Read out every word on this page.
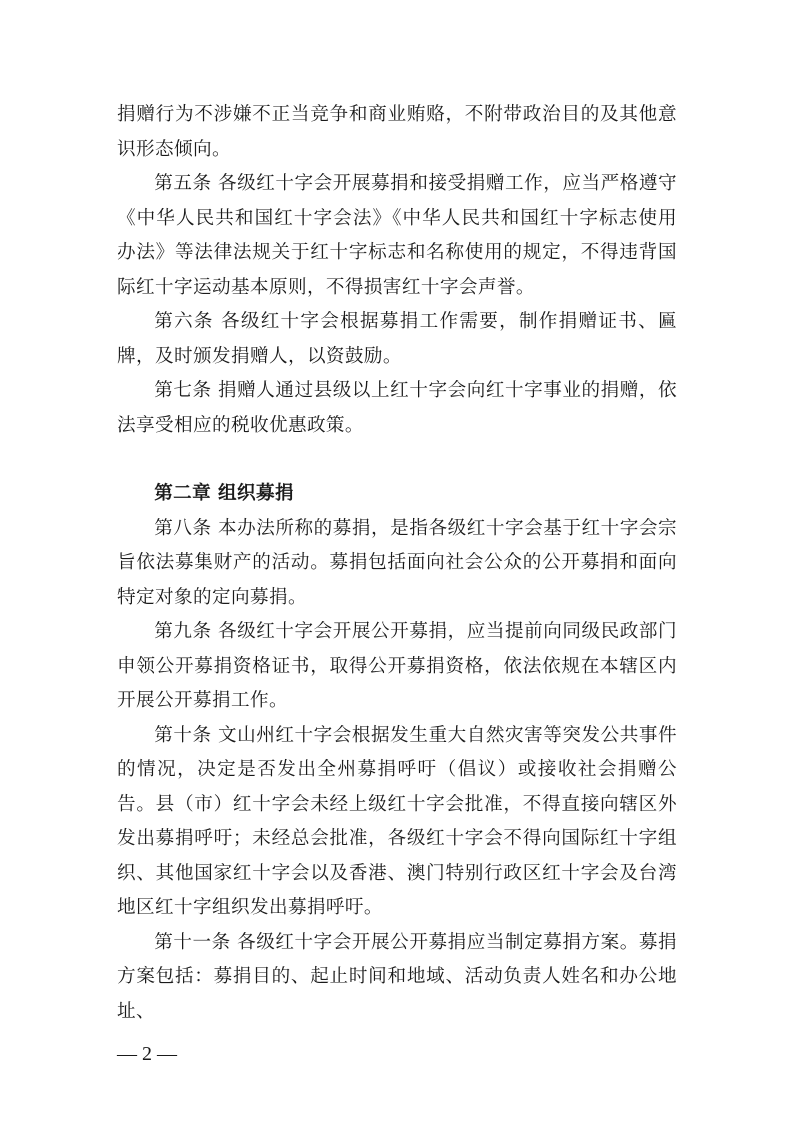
捐赠行为不涉嫌不正当竞争和商业贿赂，不附带政治目的及其他意识形态倾向。

第五条 各级红十字会开展募捐和接受捐赠工作，应当严格遵守《中华人民共和国红十字会法》《中华人民共和国红十字标志使用办法》等法律法规关于红十字标志和名称使用的规定，不得违背国际红十字运动基本原则，不得损害红十字会声誉。

第六条 各级红十字会根据募捐工作需要，制作捐赠证书、匾牌，及时颁发捐赠人，以资鼓励。

第七条 捐赠人通过县级以上红十字会向红十字事业的捐赠，依法享受相应的税收优惠政策。

第二章 组织募捐

第八条 本办法所称的募捐，是指各级红十字会基于红十字会宗旨依法募集财产的活动。募捐包括面向社会公众的公开募捐和面向特定对象的定向募捐。

第九条 各级红十字会开展公开募捐，应当提前向同级民政部门申领公开募捐资格证书，取得公开募捐资格，依法依规在本辖区内开展公开募捐工作。

第十条 文山州红十字会根据发生重大自然灾害等突发公共事件的情况，决定是否发出全州募捐呼吁（倡议）或接收社会捐赠公告。县（市）红十字会未经上级红十字会批准，不得直接向辖区外发出募捐呼吁；未经总会批准，各级红十字会不得向国际红十字组织、其他国家红十字会以及香港、澳门特别行政区红十字会及台湾地区红十字组织发出募捐呼吁。

第十一条 各级红十字会开展公开募捐应当制定募捐方案。募捐方案包括：募捐目的、起止时间和地域、活动负责人姓名和办公地址、

— 2 —
